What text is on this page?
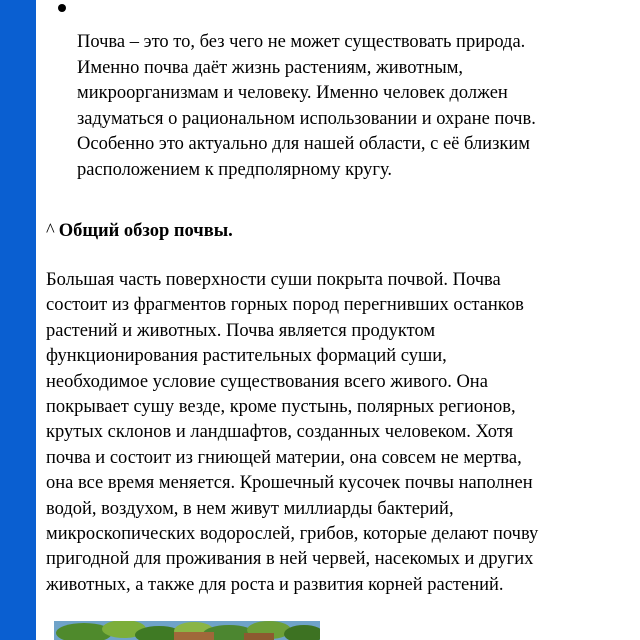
Почва – это то, без чего не может существовать природа.
Именно почва даёт жизнь растениям, животным,
микроорганизмам и человеку. Именно человек должен
задуматься о рациональном использовании и охране почв.
Особенно это актуально для нашей области, с её близким
расположением к предполярному кругу.

^ Общий обзор почвы.

Большая часть поверхности суши покрыта почвой. Почва
состоит из фрагментов горных пород перегнивших останков
растений и животных. Почва является продуктом
функционирования растительных формаций суши,
необходимое условие существования всего живого. Она
покрывает сушу везде, кроме пустынь, полярных регионов,
крутых склонов и ландшафтов, созданных человеком. Хотя
почва и состоит из гниющей материи, она совсем не мертва,
она все время меняется. Крошечный кусочек почвы наполнен
водой, воздухом, в нем живут миллиарды бактерий,
микроскопических водорослей, грибов, которые делают почву
пригодной для проживания в ней червей, насекомых и других
животных, а также для роста и развития корней растений.
